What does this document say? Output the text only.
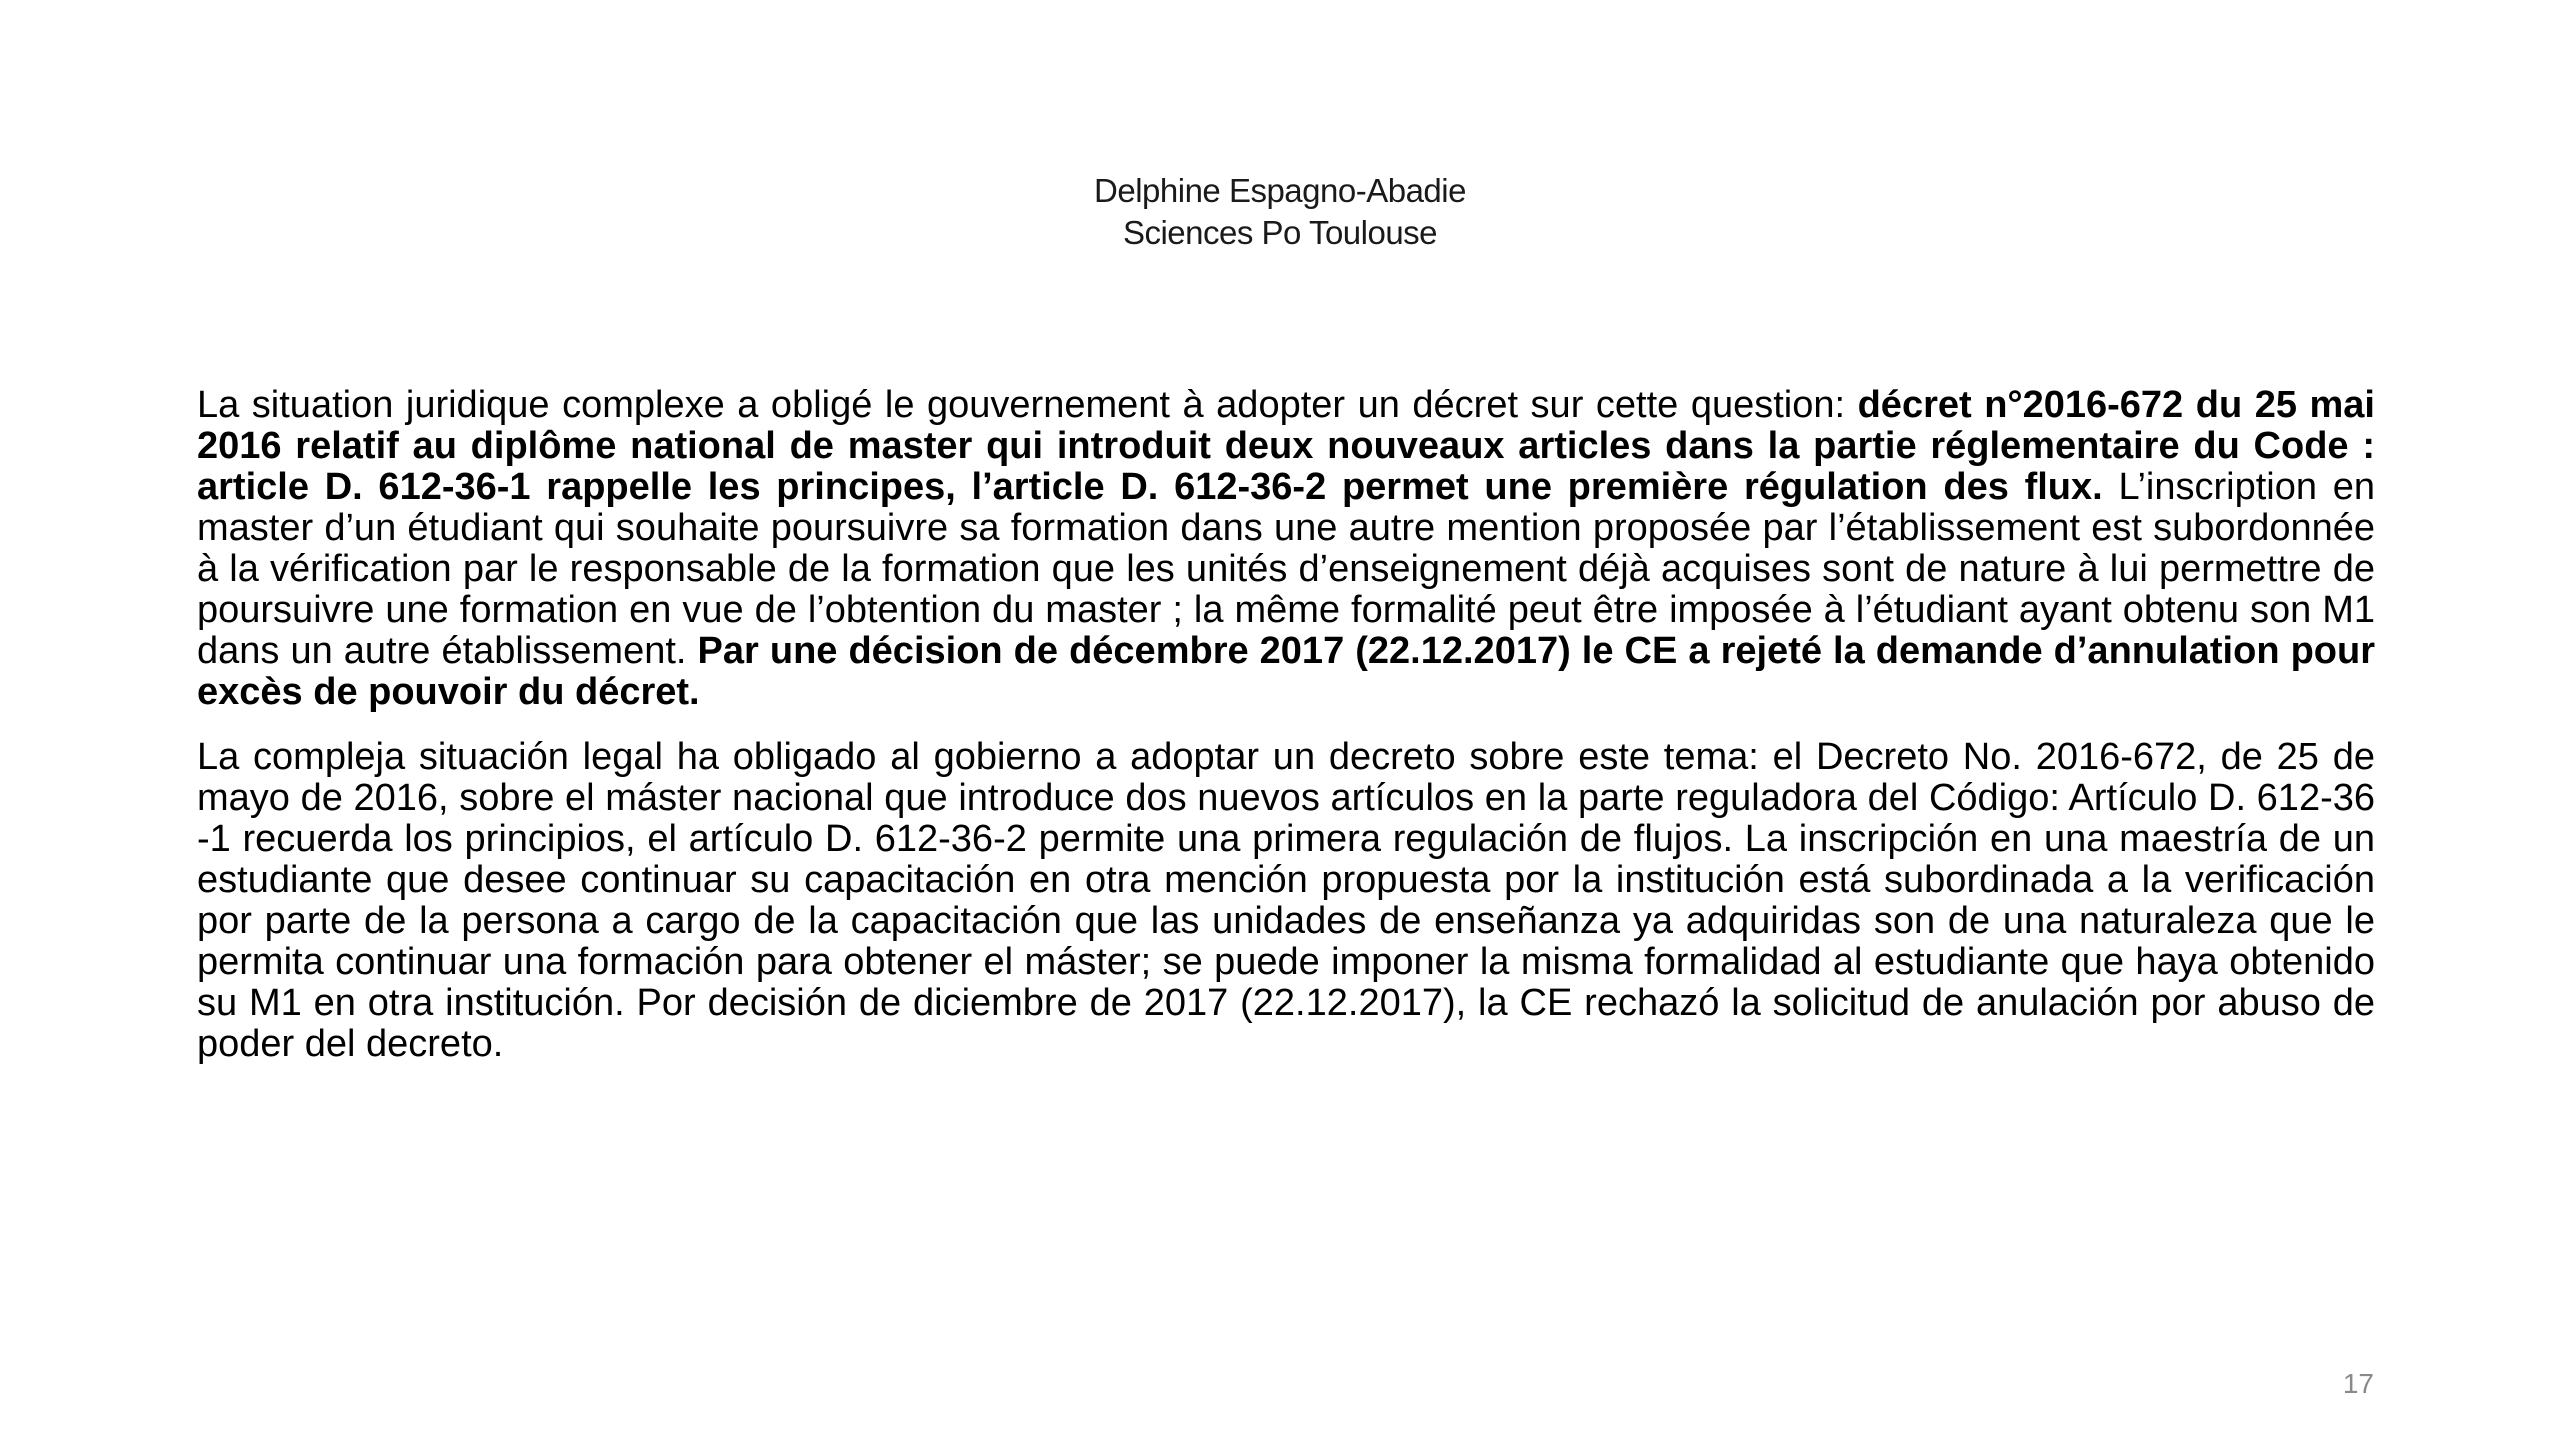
Delphine Espagno-Abadie
Sciences Po Toulouse

La situation juridique complexe a obligé le gouvernement à adopter un décret sur cette question: décret n°2016-672 du 25 mai 2016 relatif au diplôme national de master qui introduit deux nouveaux articles dans la partie réglementaire du Code : article D. 612-36-1 rappelle les principes, l’article D. 612-36-2 permet une première régulation des flux. L’inscription en master d’un étudiant qui souhaite poursuivre sa formation dans une autre mention proposée par l’établissement est subordonnée à la vérification par le responsable de la formation que les unités d’enseignement déjà acquises sont de nature à lui permettre de poursuivre une formation en vue de l’obtention du master ; la même formalité peut être imposée à l’étudiant ayant obtenu son M1 dans un autre établissement. Par une décision de décembre 2017 (22.12.2017) le CE a rejeté la demande d’annulation pour excès de pouvoir du décret.

La compleja situación legal ha obligado al gobierno a adoptar un decreto sobre este tema: el Decreto No. 2016-672, de 25 de mayo de 2016, sobre el máster nacional que introduce dos nuevos artículos en la parte reguladora del Código: Artículo D. 612-36 -1 recuerda los principios, el artículo D. 612-36-2 permite una primera regulación de flujos. La inscripción en una maestría de un estudiante que desee continuar su capacitación en otra mención propuesta por la institución está subordinada a la verificación por parte de la persona a cargo de la capacitación que las unidades de enseñanza ya adquiridas son de una naturaleza que le permita continuar una formación para obtener el máster; se puede imponer la misma formalidad al estudiante que haya obtenido su M1 en otra institución. Por decisión de diciembre de 2017 (22.12.2017), la CE rechazó la solicitud de anulación por abuso de poder del decreto.

17
